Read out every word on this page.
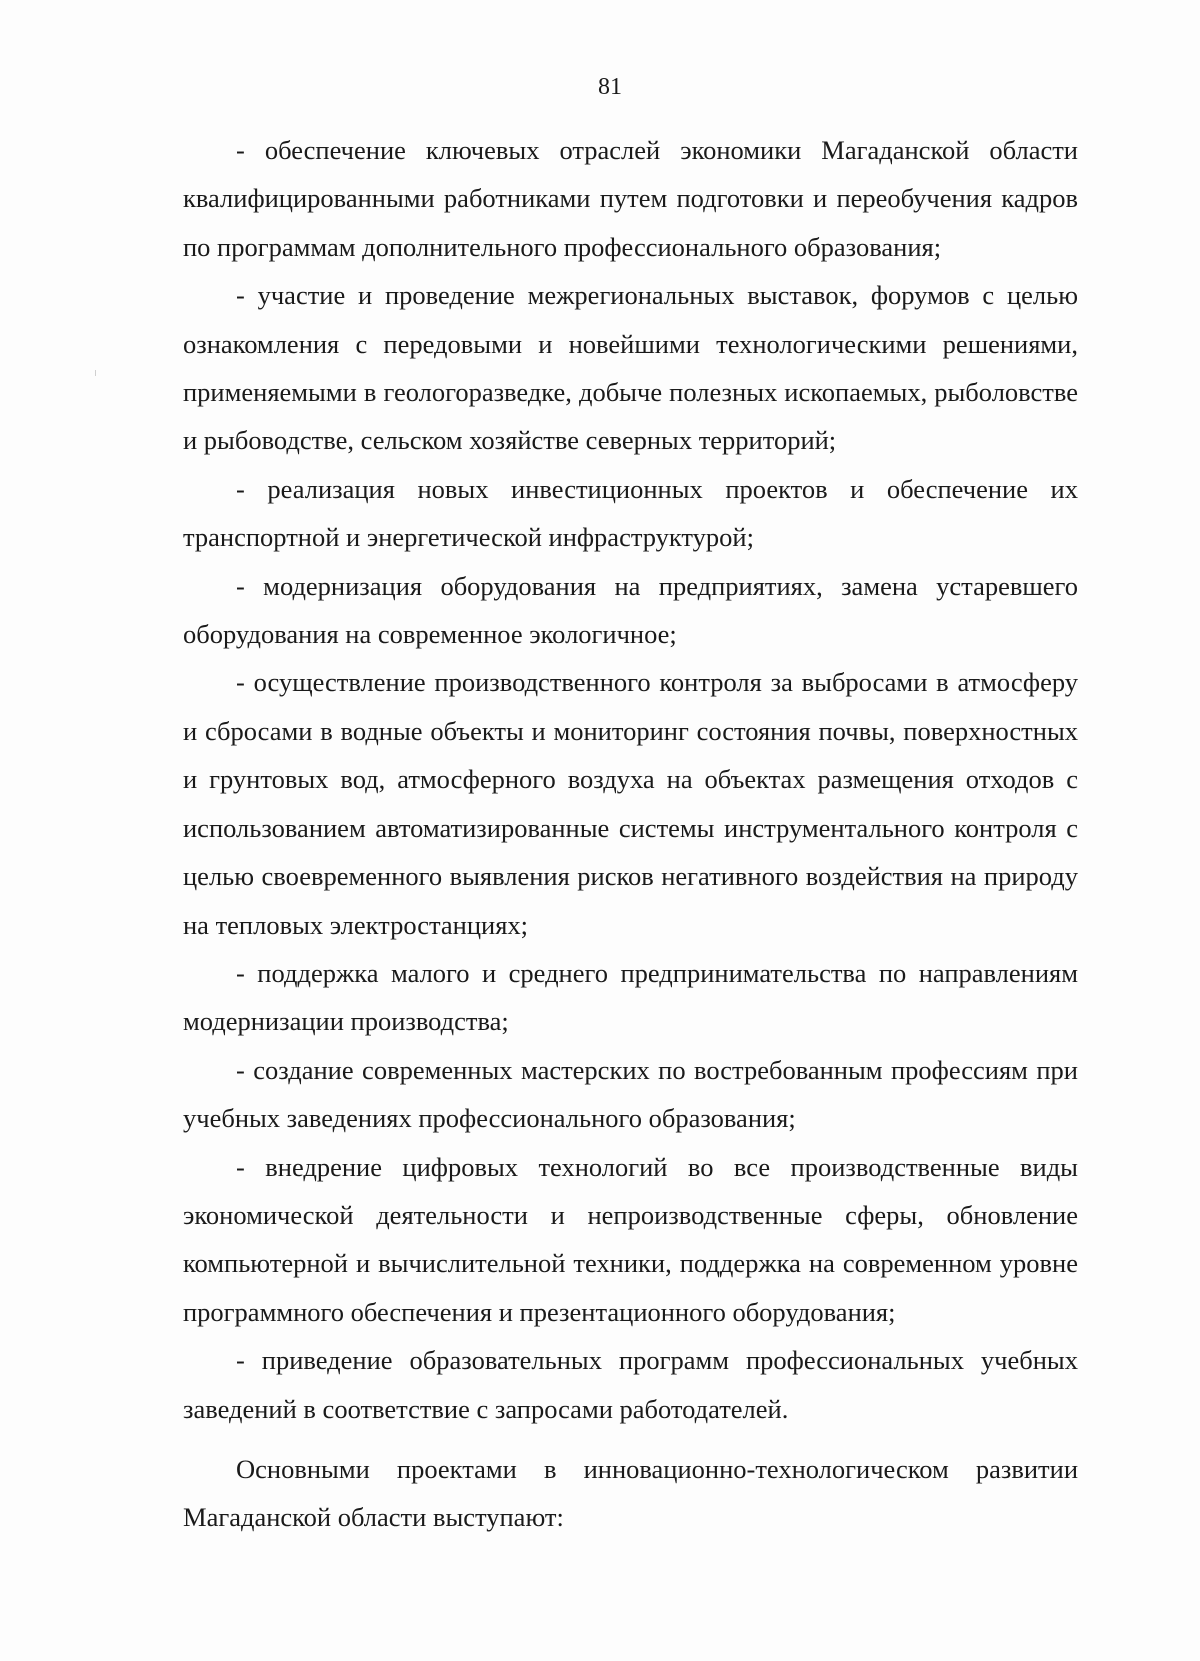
81

- обеспечение ключевых отраслей экономики Магаданской области квалифицированными работниками путем подготовки и переобучения кадров по программам дополнительного профессионального образования;

- участие и проведение межрегиональных выставок, форумов с целью ознакомления с передовыми и новейшими технологическими решениями, применяемыми в геологоразведке, добыче полезных ископаемых, рыболовстве и рыбоводстве, сельском хозяйстве северных территорий;

- реализация новых инвестиционных проектов и обеспечение их транспортной и энергетической инфраструктурой;

- модернизация оборудования на предприятиях, замена устаревшего оборудования на современное экологичное;

- осуществление производственного контроля за выбросами в атмосферу и сбросами в водные объекты и мониторинг состояния почвы, поверхностных и грунтовых вод, атмосферного воздуха на объектах размещения отходов с использованием автоматизированные системы инструментального контроля с целью своевременного выявления рисков негативного воздействия на природу на тепловых электростанциях;

- поддержка малого и среднего предпринимательства по направлениям модернизации производства;

- создание современных мастерских по востребованным профессиям при учебных заведениях профессионального образования;

- внедрение цифровых технологий во все производственные виды экономической деятельности и непроизводственные сферы, обновление компьютерной и вычислительной техники, поддержка на современном уровне программного обеспечения и презентационного оборудования;

- приведение образовательных программ профессиональных учебных заведений в соответствие с запросами работодателей.

Основными проектами в инновационно-технологическом развитии Магаданской области выступают:
